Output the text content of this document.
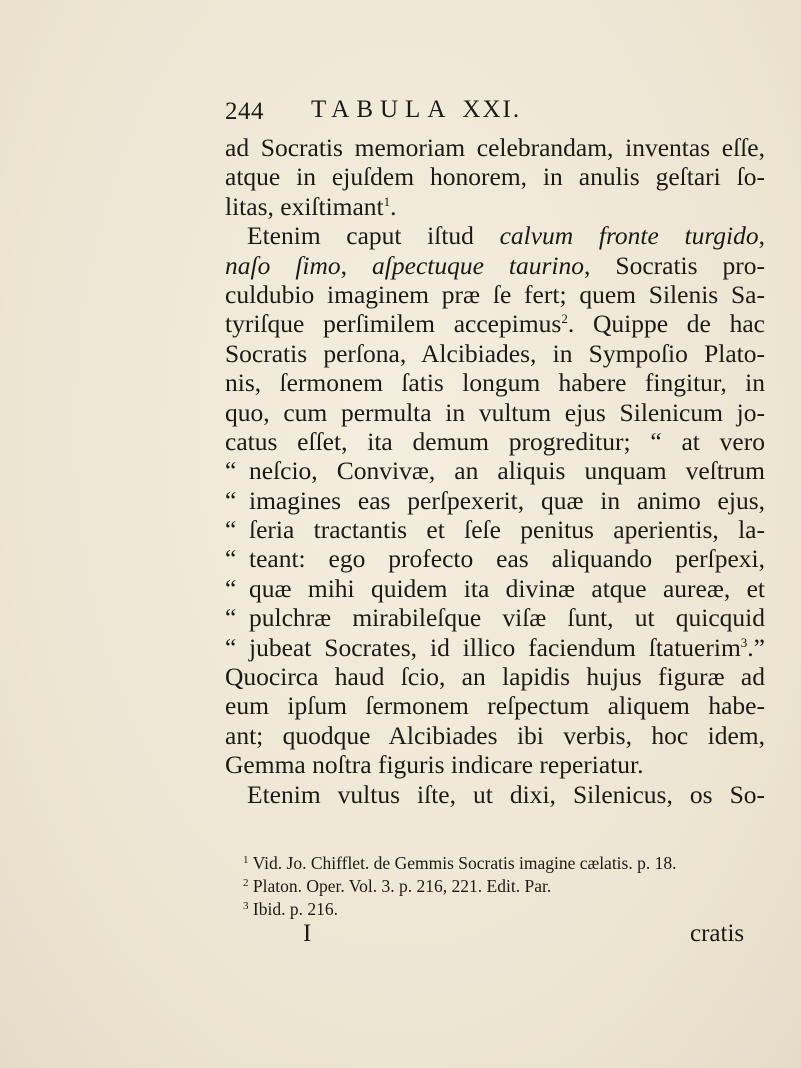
244 TABULA XXI.
ad Socratis memoriam celebrandam, inventas eſſe,
atque in ejuſdem honorem, in anulis geſtari ſo-
litas, exiſtimant$^1$.
Etenim caput iſtud calvum fronte turgido,
naſo ſimo, aſpectuque taurino, Socratis pro-
culdubio imaginem præ ſe fert; quem Silenis Sa-
tyriſque perſimilem accepimus$^2$. Quippe de hac
Socratis perſona, Alcibiades, in Sympoſio Plato-
nis, ſermonem ſatis longum habere fingitur, in
quo, cum permulta in vultum ejus Silenicum jo-
catus eſſet, ita demum progreditur; “ at vero
“ neſcio, Convivæ, an aliquis unquam veſtrum
“ imagines eas perſpexerit, quæ in animo ejus,
“ ſeria tractantis et ſeſe penitus aperientis, la-
“ teant: ego profecto eas aliquando perſpexi,
“ quæ mihi quidem ita divinæ atque aureæ, et
“ pulchræ mirabileſque viſæ ſunt, ut quicquid
“ jubeat Socrates, id illico faciendum ſtatuerim$^3$.”
Quocirca haud ſcio, an lapidis hujus figuræ ad
eum ipſum ſermonem reſpectum aliquem habe-
ant; quodque Alcibiades ibi verbis, hoc idem,
Gemma noſtra figuris indicare reperiatur.
Etenim vultus iſte, ut dixi, Silenicus, os So-
$^1$ Vid. Jo. Chifflet. de Gemmis Socratis imagine cælatis. p. 18.
$^2$ Platon. Oper. Vol. 3. p. 216, 221. Edit. Par.
$^3$ Ibid. p. 216.
I	cratis
